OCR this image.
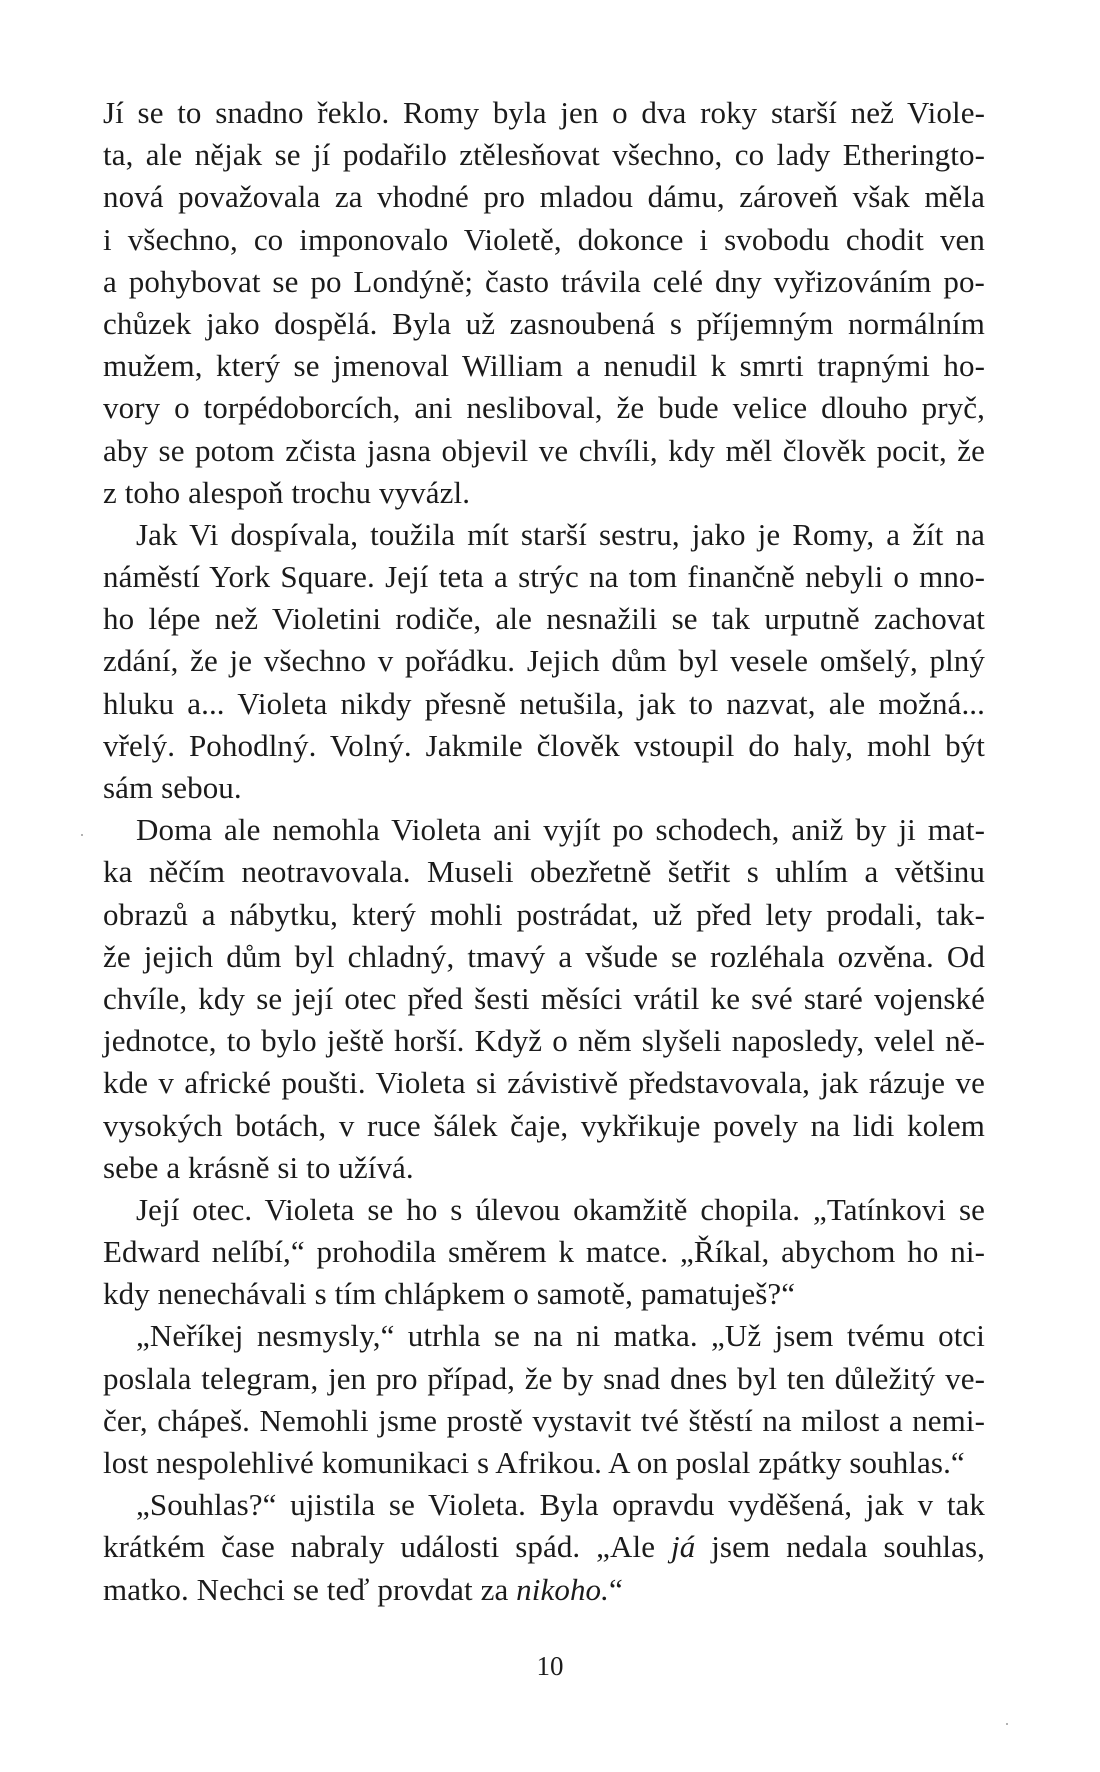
Jí se to snadno řeklo. Romy byla jen o dva roky starší než Viole-
ta, ale nějak se jí podařilo ztělesňovat všechno, co lady Etheringto-
nová považovala za vhodné pro mladou dámu, zároveň však měla
i všechno, co imponovalo Violetě, dokonce i svobodu chodit ven
a pohybovat se po Londýně; často trávila celé dny vyřizováním po-
chůzek jako dospělá. Byla už zasnoubená s příjemným normálním
mužem, který se jmenoval William a nenudil k smrti trapnými ho-
vory o torpédoborcích, ani nesliboval, že bude velice dlouho pryč,
aby se potom zčista jasna objevil ve chvíli, kdy měl člověk pocit, že
z toho alespoň trochu vyvázl.
Jak Vi dospívala, toužila mít starší sestru, jako je Romy, a žít na
náměstí York Square. Její teta a strýc na tom finančně nebyli o mno-
ho lépe než Violetini rodiče, ale nesnažili se tak urputně zachovat
zdání, že je všechno v pořádku. Jejich dům byl vesele omšelý, plný
hluku a... Violeta nikdy přesně netušila, jak to nazvat, ale možná...
vřelý. Pohodlný. Volný. Jakmile člověk vstoupil do haly, mohl být
sám sebou.
Doma ale nemohla Violeta ani vyjít po schodech, aniž by ji mat-
ka něčím neotravovala. Museli obezřetně šetřit s uhlím a většinu
obrazů a nábytku, který mohli postrádat, už před lety prodali, tak-
že jejich dům byl chladný, tmavý a všude se rozléhala ozvěna. Od
chvíle, kdy se její otec před šesti měsíci vrátil ke své staré vojenské
jednotce, to bylo ještě horší. Když o něm slyšeli naposledy, velel ně-
kde v africké poušti. Violeta si závistivě představovala, jak rázuje ve
vysokých botách, v ruce šálek čaje, vykřikuje povely na lidi kolem
sebe a krásně si to užívá.
Její otec. Violeta se ho s úlevou okamžitě chopila. „Tatínkovi se
Edward nelíbí,“ prohodila směrem k matce. „Říkal, abychom ho ni-
kdy nenechávali s tím chlápkem o samotě, pamatuješ?“
„Neříkej nesmysly,“ utrhla se na ni matka. „Už jsem tvému otci
poslala telegram, jen pro případ, že by snad dnes byl ten důležitý ve-
čer, chápeš. Nemohli jsme prostě vystavit tvé štěstí na milost a nemi-
lost nespolehlivé komunikaci s Afrikou. A on poslal zpátky souhlas.“
„Souhlas?“ ujistila se Violeta. Byla opravdu vyděšená, jak v tak
krátkém čase nabraly události spád. „Ale já jsem nedala souhlas,
matko. Nechci se teď provdat za nikoho.“
10
